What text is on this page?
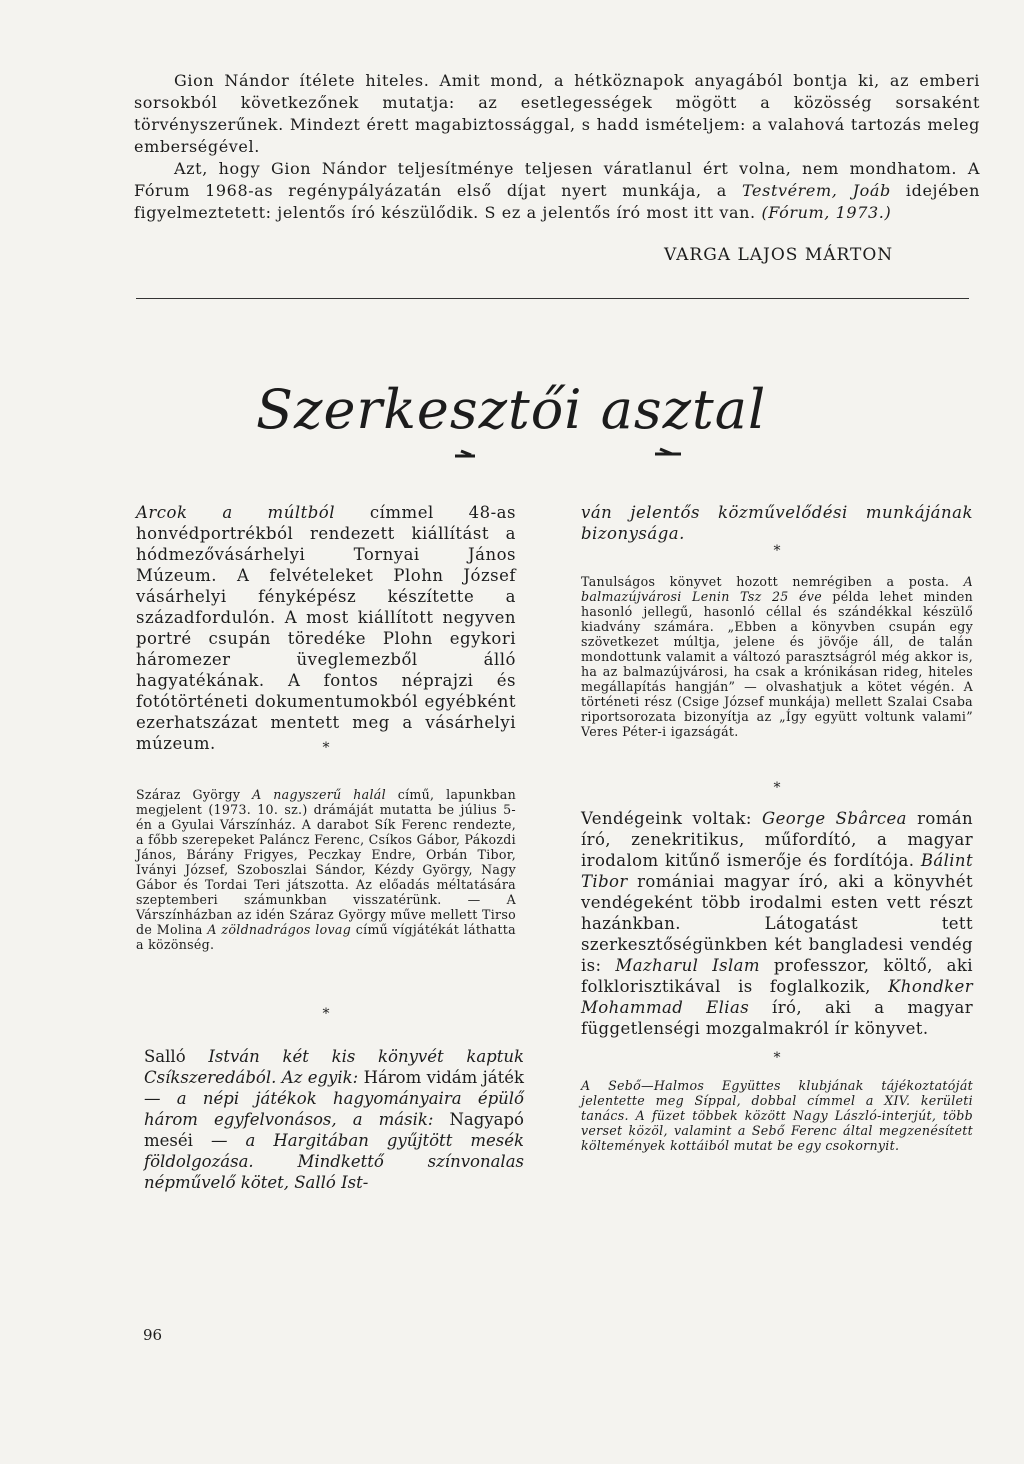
Gion Nándor ítélete hiteles. Amit mond, a hétköznapok anyagából bontja ki, az emberi sorsokból következőnek mutatja: az esetlegességek mögött a közösség sorsaként törvényszerűnek. Mindezt érett magabiztossággal, s hadd ismételjem: a valahová tartozás meleg emberségével.

Azt, hogy Gion Nándor teljesítménye teljesen váratlanul ért volna, nem mondhatom. A Fórum 1968-as regénypályázatán első díjat nyert munkája, a Testvérem, Joáb idejében figyelmeztetett: jelentős író készülődik. S ez a jelentős író most itt van. (Fórum, 1973.)

VARGA LAJOS MÁRTON
Szerkesztői asztal

Arcok a múltból címmel 48-as honvédportrékból rendezett kiállítást a hódmezővásárhelyi Tornyai János Múzeum. A felvételeket Plohn József vásárhelyi fényképész készítette a századfordulón. A most kiállított negyven portré csupán töredéke Plohn egykori háromezer üveglemezből álló hagyatékának. A fontos néprajzi és fotótörténeti dokumentumokból egyébként ezerhatszázat mentett meg a vásárhelyi múzeum.	*

Száraz György A nagyszerű halál című, lapunkban megjelent (1973. 10. sz.) drámáját mutatta be július 5-én a Gyulai Várszínház. A darabot Sík Ferenc rendezte, a főbb szerepeket Paláncz Ferenc, Csíkos Gábor, Pákozdi János, Bárány Frigyes, Peczkay Endre, Orbán Tibor, Iványi József, Szoboszlai Sándor, Kézdy György, Nagy Gábor és Tordai Teri játszotta. Az előadás méltatására szeptemberi számunkban visszatérünk. — A Várszínházban az idén Száraz György műve mellett Tirso de Molina A zöldnadrágos lovag című vígjátékát láthatta a közönség.

*

Salló István két kis könyvét kaptuk Csíkszeredából. Az egyik: Három vidám játék — a népi játékok hagyományaira épülő három egyfelvonásos, a másik: Nagyapó meséi — a Hargitában gyűjtött mesék földolgozása. Mindkettő színvonalas népművelő kötet, Salló Ist-

ván jelentős közművelődési munkájának bizonysága.

*

Tanulságos könyvet hozott nemrégiben a posta. A balmazújvárosi Lenin Tsz 25 éve példa lehet minden hasonló jellegű, hasonló céllal és szándékkal készülő kiadvány számára. „Ebben a könyvben csupán egy szövetkezet múltja, jelene és jövője áll, de talán mondottunk valamit a változó parasztságról még akkor is, ha az balmazújvárosi, ha csak a krónikásan rideg, hiteles megállapítás hangján” — olvashatjuk a kötet végén. A történeti rész (Csige József munkája) mellett Szalai Csaba riportsorozata bizonyítja az „Így együtt voltunk valami” Veres Péter-i igazságát.

*

Vendégeink voltak: George Sbârcea román író, zenekritikus, műfordító, a magyar irodalom kitűnő ismerője és fordítója. Bálint Tibor romániai magyar író, aki a könyvhét vendégeként több irodalmi esten vett részt hazánkban. Látogatást tett szerkesztőségünkben két bangladesi vendég is: Mazharul Islam professzor, költő, aki folklorisztikával is foglalkozik, Khondker Mohammad Elias író, aki a magyar függetlenségi mozgalmakról ír könyvet.

*

A Sebő—Halmos Együttes klubjának tájékoztatóját jelentette meg Síppal, dobbal címmel a XIV. kerületi tanács. A füzet többek között Nagy László-interjút, több verset közöl, valamint a Sebő Ferenc által megzenésített költemények kottáiból mutat be egy csokornyit.

96
